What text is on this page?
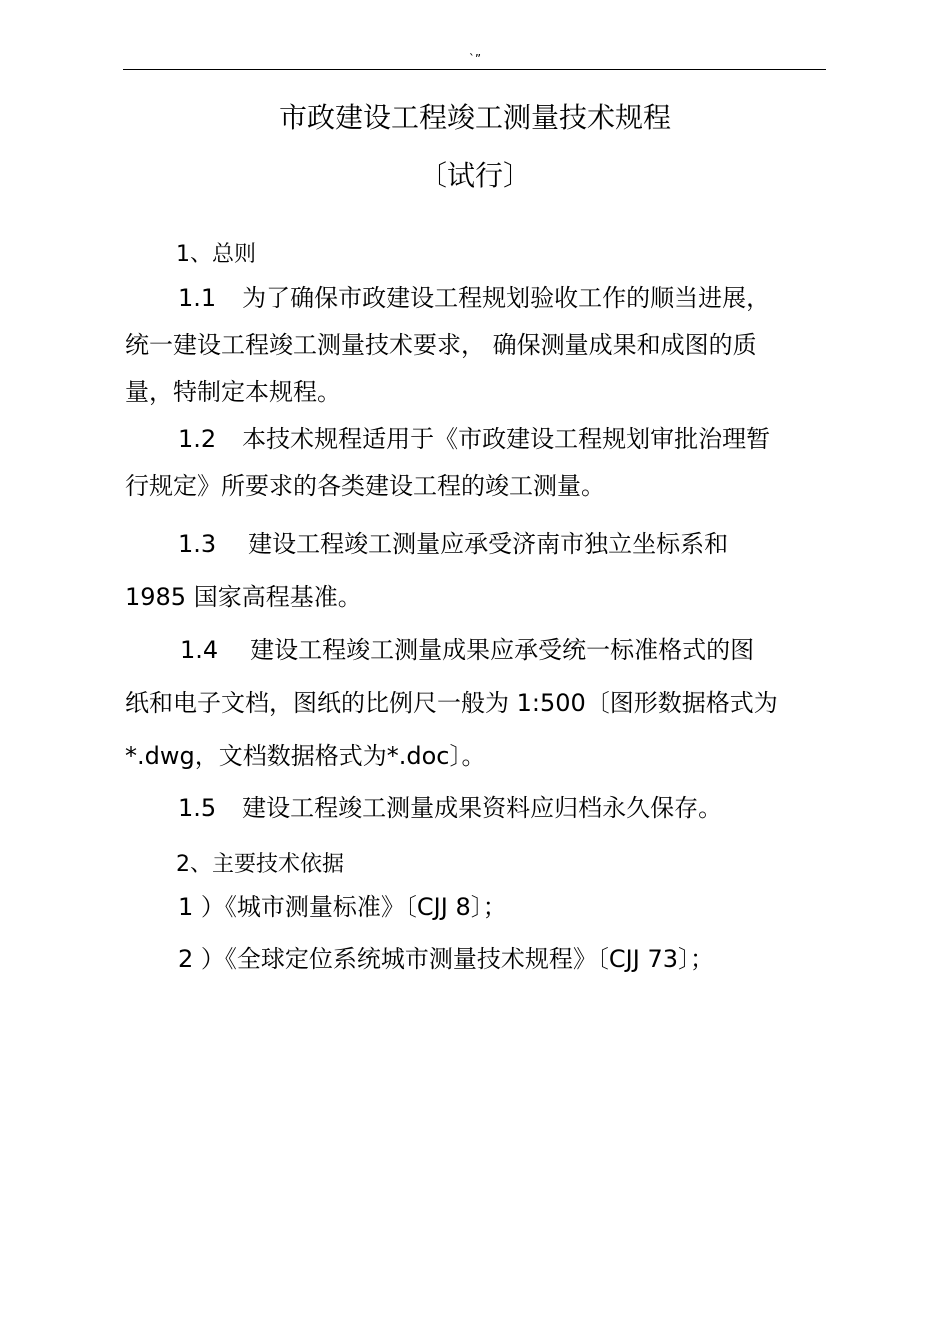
`”
市政建设工程竣工测量技术规程
〔试行〕
1、总则
1.1 为了确保市政建设工程规划验收工作的顺当进展，
统一建设工程竣工测量技术要求， 确保测量成果和成图的质
量，特制定本规程。
1.2 本技术规程适用于《市政建设工程规划审批治理暂
行规定》所要求的各类建设工程的竣工测量。
1.3 建设工程竣工测量应承受济南市独立坐标系和
1985 国家高程基准。
1.4 建设工程竣工测量成果应承受统一标准格式的图
纸和电子文档，图纸的比例尺一般为 1:500〔图形数据格式为
*.dwg，文档数据格式为*.doc〕。
1.5 建设工程竣工测量成果资料应归档永久保存。
2、主要技术依据
1 ）《城市测量标准》〔CJJ 8〕；
2 ）《全球定位系统城市测量技术规程》〔CJJ 73〕；
